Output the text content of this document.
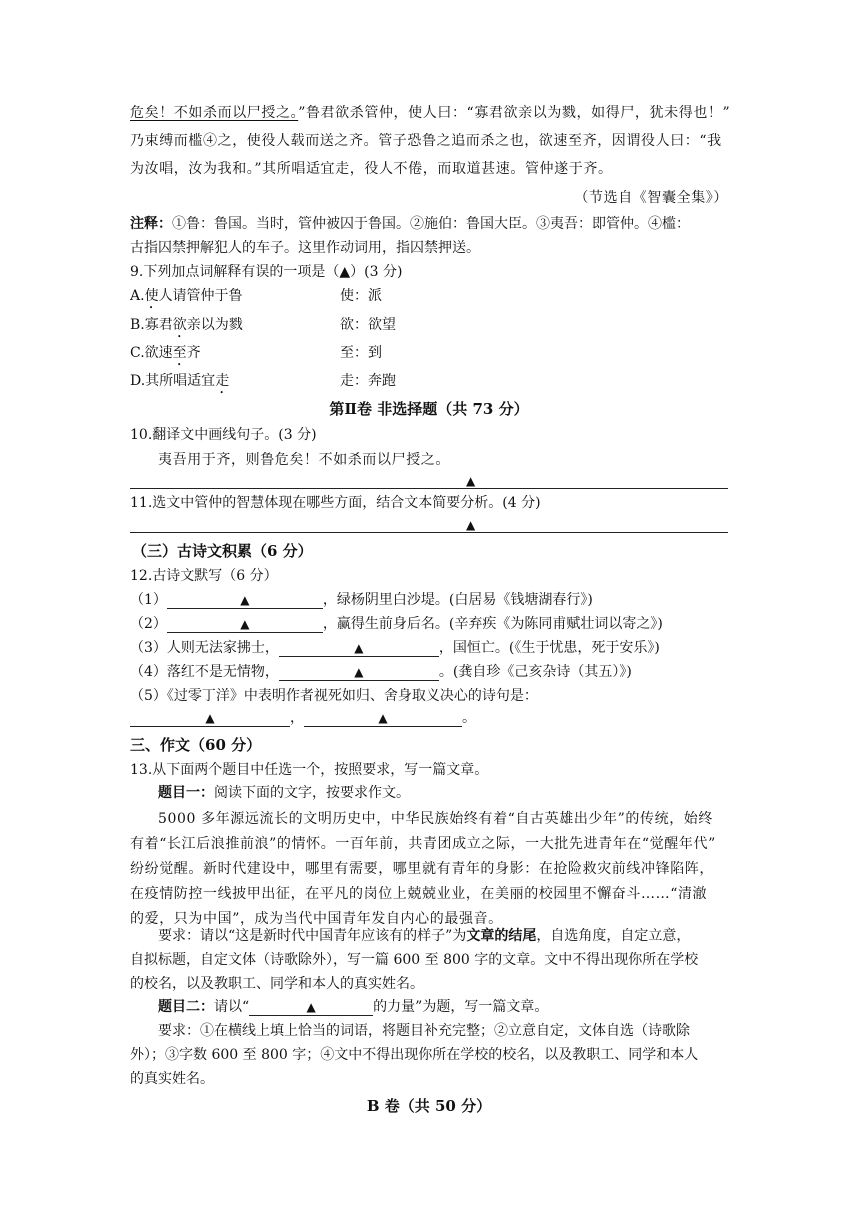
危矣！不如杀而以尸授之。”鲁君欲杀管仲，使人曰：“寡君欲亲以为戮，如得尸，犹未得也！”
乃束缚而槛④之，使役人载而送之齐。管子恐鲁之追而杀之也，欲速至齐，因谓役人曰：“我
为汝唱，汝为我和。”其所唱适宜走，役人不倦，而取道甚速。管仲遂于齐。
（节选自《智囊全集》）
注释：①鲁：鲁国。当时，管仲被囚于鲁国。②施伯：鲁国大臣。③夷吾：即管仲。④槛：
古指囚禁押解犯人的车子。这里作动词用，指囚禁押送。
9.下列加点词解释有误的一项是（▲）(3 分)
A.使人请管仲于鲁	使：派
B.寡君欲亲以为戮	欲：欲望
C.欲速至齐	至：到
D.其所唱适宜走	走：奔跑
第Ⅱ卷 非选择题（共 73 分）
10.翻译文中画线句子。(3 分)
夷吾用于齐，则鲁危矣！不如杀而以尸授之。
▲
11.选文中管仲的智慧体现在哪些方面，结合文本简要分析。(4 分)
▲
（三）古诗文积累（6 分）
12.古诗文默写（6 分）
（1）	▲	，绿杨阴里白沙堤。(白居易《钱塘湖春行》)
（2）	▲	，赢得生前身后名。(辛弃疾《为陈同甫赋壮词以寄之》)
（3）人则无法家拂士，	▲	，国恒亡。(《生于忧患，死于安乐》)
（4）落红不是无情物，	▲	。(龚自珍《己亥杂诗（其五）》)
（5）《过零丁洋》中表明作者视死如归、舍身取义决心的诗句是：
▲	，	▲	。
三、作文（60 分）
13.从下面两个题目中任选一个，按照要求，写一篇文章。
题目一：阅读下面的文字，按要求作文。
5000 多年源远流长的文明历史中，中华民族始终有着“自古英雄出少年”的传统，始终
有着“长江后浪推前浪”的情怀。一百年前，共青团成立之际，一大批先进青年在“觉醒年代”
纷纷觉醒。新时代建设中，哪里有需要，哪里就有青年的身影：在抢险救灾前线冲锋陷阵，
在疫情防控一线披甲出征，在平凡的岗位上兢兢业业，在美丽的校园里不懈奋斗……“清澈
的爱，只为中国”，成为当代中国青年发自内心的最强音。
要求：请以“这是新时代中国青年应该有的样子”为文章的结尾，自选角度，自定立意，
自拟标题，自定文体（诗歌除外），写一篇 600 至 800 字的文章。文中不得出现你所在学校
的校名，以及教职工、同学和本人的真实姓名。
题目二：请以“	▲	的力量”为题，写一篇文章。
要求：①在横线上填上恰当的词语，将题目补充完整；②立意自定，文体自选（诗歌除
外）；③字数 600 至 800 字；④文中不得出现你所在学校的校名，以及教职工、同学和本人
的真实姓名。
B 卷（共 50 分）
